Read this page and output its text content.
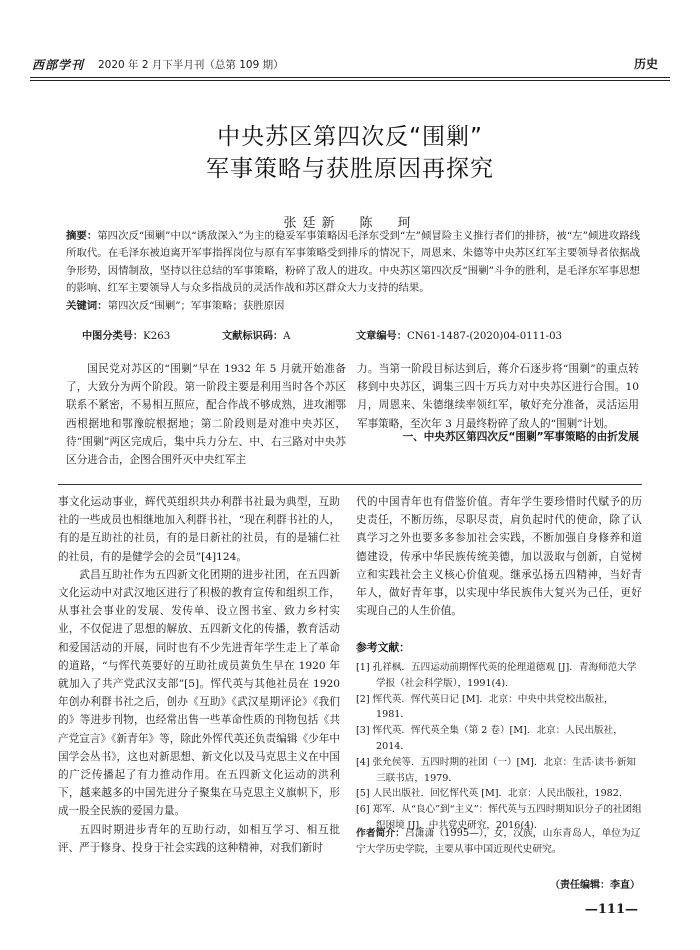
西部学刊 2020 年 2 月下半月刊（总第 109 期）	历史
中央苏区第四次反“围剿”
军事策略与获胜原因再探究
张廷新　陈　珂
摘要：第四次反“围剿”中以“诱敌深入”为主的稳妥军事策略因毛泽东受到“左”倾冒险主义推行者们的排挤，被“左”倾进攻路线所取代。在毛泽东被迫离开军事指挥岗位与原有军事策略受到排斥的情况下，周恩来、朱德等中央苏区红军主要领导者依据战争形势，因情制敌，坚持以往总结的军事策略，粉碎了敌人的进攻。中央苏区第四次反“围剿”斗争的胜利，是毛泽东军事思想的影响、红军主要领导人与众多指战员的灵活作战和苏区群众大力支持的结果。
关键词：第四次反“围剿”；军事策略；获胜原因
中图分类号：K263	文献标识码：A	文章编号：CN61-1487-(2020)04-0111-03
国民党对苏区的“围剿”早在 1932 年 5 月就开始准备了，大致分为两个阶段。第一阶段主要是利用当时各个苏区联系不紧密，不易相互照应，配合作战不够成熟，进攻湘鄂西根据地和鄂豫皖根据地；第二阶段则是对准中央苏区，待“围剿”两区完成后，集中兵力分左、中、右三路对中央苏区分进合击，企图合围歼灭中央红军主
力。当第一阶段目标达到后，蒋介石逐步将“围剿”的重点转移到中央苏区，调集三四十万兵力对中央苏区进行合围。10 月，周恩来、朱德继续率领红军，敏好充分准备，灵活运用军事策略，至次年 3 月最终粉碎了敌人的“围剿”计划。
一、中央苏区第四次反“围剿”军事策略的由折发展

事文化运动事业，辉代英组织共办利群书社最为典型，互助社的一些成员也相继地加入利群书社，“现在利群书社的人，有的是互助社的社员，有的是日新社的社员，有的是辅仁社的社员，有的是健学会的会员”[4]124。

武昌互助社作为五四新文化团期的进步社团，在五四新文化运动中对武汉地区进行了积极的教育宣传和组织工作，从事社会事业的发展、发传单、设立图书室、致力乡村实业，不仅促进了思想的解放、五四新文化的传播，教育活动和爱国活动的开展，同时也有不少先进青年学生走上了革命的道路，“与恽代英要好的互助社成员黄负生早在 1920 年就加入了共产党武汉支部”[5]。恽代英与其他社员在 1920 年创办利群书社之后，创办《互助》《武汉星期评论》《我们的》等进步刊物，也经常出售一些革命性质的刊物包括《共产党宣言》《新青年》等，除此外恽代英还负责编辑《少年中国学会丛书》，这也对新思想、新文化以及马克思主义在中国的广泛传播起了有力推动作用。在五四新文化运动的洪利下，越来越多的中国先进分子聚集在马克思主义旗帜下，形成一股全民族的爱国力量。

五四时期进步青年的互助行动，如相互学习、相互批评、严于修身、投身于社会实践的这种精神，对我们新时

代的中国青年也有借鉴价值。青年学生要珍惜时代赋予的历史责任，不断历练，尽职尽责，肩负起时代的使命，除了认真学习之外也要多多参加社会实践，不断加强自身修养和道德建设，传承中华民族传统美德，加以汲取与创新，自觉树立和实践社会主义核心价值观。继承弘扬五四精神，当好青年人，做好青年事，以实现中华民族伟大复兴为己任，更好实现自己的人生价值。
参考文献：
[1] 孔祥枫．五四运动前期恽代英的伦理道德观 [J]．青海师范大学学报（社会科学版），1991(4)．
[2] 恽代英．恽代英日记 [M]．北京：中央中共党校出版社，1981．
[3] 恽代英．恽代英全集（第 2 卷）[M]．北京：人民出版社，2014．
[4] 张允侯等．五四时期的社团（一）[M]．北京：生活·读书·新知三联书店，1979．
[5] 人民出版社．回忆恽代英 [M]．北京：人民出版社，1982．
[6] 郑军．从“良心”到“主义”：恽代英与五四时期知识分子的社团组织困境 [J]．中共党史研究，2016(4)．
作者简介：吕潇潇（1995—），女，汉族，山东青岛人，单位为辽宁大学历史学院，主要从事中国近现代史研究。
（责任编辑：李直）
—111—
